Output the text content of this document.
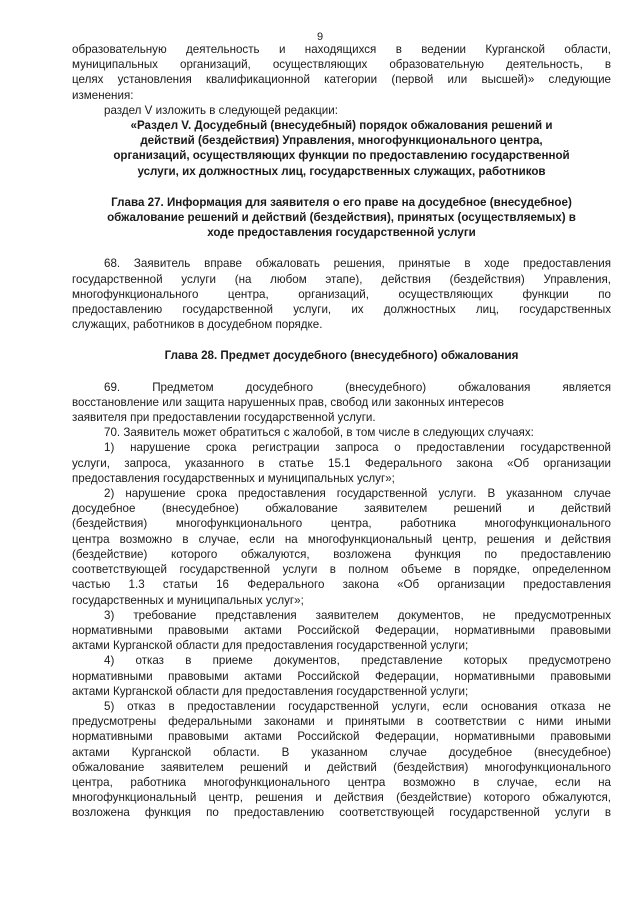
9
образовательную деятельность и находящихся в ведении Курганской области,
муниципальных организаций, осуществляющих образовательную деятельность, в
целях установления квалификационной категории (первой или высшей)» следующие
изменения:
раздел V изложить в следующей редакции:
«Раздел V. Досудебный (внесудебный) порядок обжалования решений и
действий (бездействия) Управления, многофункционального центра,
организаций, осуществляющих функции по предоставлению государственной
услуги, их должностных лиц, государственных служащих, работников
Глава 27. Информация для заявителя о его праве на досудебное (внесудебное)
обжалование решений и действий (бездействия), принятых (осуществляемых) в
ходе предоставления государственной услуги
68. Заявитель вправе обжаловать решения, принятые в ходе предоставления
государственной услуги (на любом этапе), действия (бездействия) Управления,
многофункционального центра, организаций, осуществляющих функции по
предоставлению государственной услуги, их должностных лиц, государственных
служащих, работников в досудебном порядке.
Глава 28. Предмет досудебного (внесудебного) обжалования
69. Предметом досудебного (внесудебного) обжалования является
восстановление или защита нарушенных прав, свобод или законных интересов
заявителя при предоставлении государственной услуги.
70. Заявитель может обратиться с жалобой, в том числе в следующих случаях:
1) нарушение срока регистрации запроса о предоставлении государственной
услуги, запроса, указанного в статье 15.1 Федерального закона «Об организации
предоставления государственных и муниципальных услуг»;
2) нарушение срока предоставления государственной услуги. В указанном случае
досудебное (внесудебное) обжалование заявителем решений и действий
(бездействия) многофункционального центра, работника многофункционального
центра возможно в случае, если на многофункциональный центр, решения и действия
(бездействие) которого обжалуются, возложена функция по предоставлению
соответствующей государственной услуги в полном объеме в порядке, определенном
частью 1.3 статьи 16 Федерального закона «Об организации предоставления
государственных и муниципальных услуг»;
3) требование представления заявителем документов, не предусмотренных
нормативными правовыми актами Российской Федерации, нормативными правовыми
актами Курганской области для предоставления государственной услуги;
4) отказ в приеме документов, представление которых предусмотрено
нормативными правовыми актами Российской Федерации, нормативными правовыми
актами Курганской области для предоставления государственной услуги;
5) отказ в предоставлении государственной услуги, если основания отказа не
предусмотрены федеральными законами и принятыми в соответствии с ними иными
нормативными правовыми актами Российской Федерации, нормативными правовыми
актами Курганской области. В указанном случае досудебное (внесудебное)
обжалование заявителем решений и действий (бездействия) многофункционального
центра, работника многофункционального центра возможно в случае, если на
многофункциональный центр, решения и действия (бездействие) которого обжалуются,
возложена функция по предоставлению соответствующей государственной услуги в
